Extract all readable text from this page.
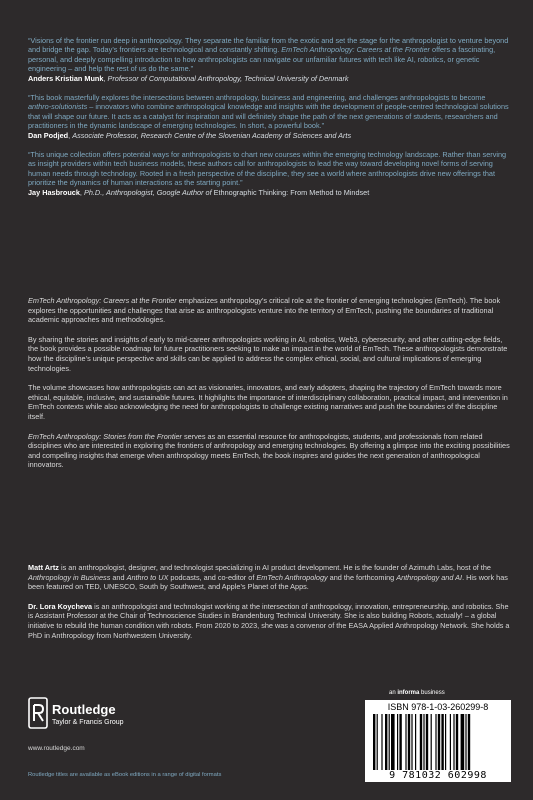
“Visions of the frontier run deep in anthropology. They separate the familiar from the exotic and set the stage for the anthropologist to venture beyond and bridge the gap. Today’s frontiers are technological and constantly shifting. EmTech Anthropology: Careers at the Frontier offers a fascinating, personal, and deeply compelling introduction to how anthropologists can navigate our unfamiliar futures with tech like AI, robotics, or genetic engineering – and help the rest of us do the same.”
Anders Kristian Munk, Professor of Computational Anthropology, Technical University of Denmark
“This book masterfully explores the intersections between anthropology, business and engineering, and challenges anthropologists to become anthro-solutionists – innovators who combine anthropological knowledge and insights with the development of people-centred technological solutions that will shape our future. It acts as a catalyst for inspiration and will definitely shape the path of the next generations of students, researchers and practitioners in the dynamic landscape of emerging technologies. In short, a powerful book.”
Dan Podjed, Associate Professor, Research Centre of the Slovenian Academy of Sciences and Arts
“This unique collection offers potential ways for anthropologists to chart new courses within the emerging technology landscape. Rather than serving as insight providers within tech business models, these authors call for anthropologists to lead the way toward developing novel forms of serving human needs through technology. Rooted in a fresh perspective of the discipline, they see a world where anthropologists drive new offerings that prioritize the dynamics of human interactions as the starting point.”
Jay Hasbrouck, Ph.D., Anthropologist, Google Author of Ethnographic Thinking: From Method to Mindset

EmTech Anthropology: Careers at the Frontier emphasizes anthropology’s critical role at the frontier of emerging technologies (EmTech). The book explores the opportunities and challenges that arise as anthropologists venture into the territory of EmTech, pushing the boundaries of traditional academic approaches and methodologies.

By sharing the stories and insights of early to mid-career anthropologists working in AI, robotics, Web3, cybersecurity, and other cutting-edge fields, the book provides a possible roadmap for future practitioners seeking to make an impact in the world of EmTech. These anthropologists demonstrate how the discipline’s unique perspective and skills can be applied to address the complex ethical, social, and cultural implications of emerging technologies.

The volume showcases how anthropologists can act as visionaries, innovators, and early adopters, shaping the trajectory of EmTech towards more ethical, equitable, inclusive, and sustainable futures. It highlights the importance of interdisciplinary collaboration, practical impact, and intervention in EmTech contexts while also acknowledging the need for anthropologists to challenge existing narratives and push the boundaries of the discipline itself.

EmTech Anthropology: Stories from the Frontier serves as an essential resource for anthropologists, students, and professionals from related disciplines who are interested in exploring the frontiers of anthropology and emerging technologies. By offering a glimpse into the exciting possibilities and compelling insights that emerge when anthropology meets EmTech, the book inspires and guides the next generation of anthropological innovators.

Matt Artz is an anthropologist, designer, and technologist specializing in AI product development. He is the founder of Azimuth Labs, host of the Anthropology in Business and Anthro to UX podcasts, and co-editor of EmTech Anthropology and the forthcoming Anthropology and AI. His work has been featured on TED, UNESCO, South by Southwest, and Apple’s Planet of the Apps.

Dr. Lora Koycheva is an anthropologist and technologist working at the intersection of anthropology, innovation, entrepreneurship, and robotics. She is Assistant Professor at the Chair of Technoscience Studies in Brandenburg Technical University. She is also building Robots, actually! – a global initiative to rebuild the human condition with robots. From 2020 to 2023, she was a convenor of the EASA Applied Anthropology Network. She holds a PhD in Anthropology from Northwestern University.

Routledge
Taylor & Francis Group
www.routledge.com
Routledge titles are available as eBook editions in a range of digital formats
an informa business
ISBN 978-1-03-260299-8
9 781032 602998
